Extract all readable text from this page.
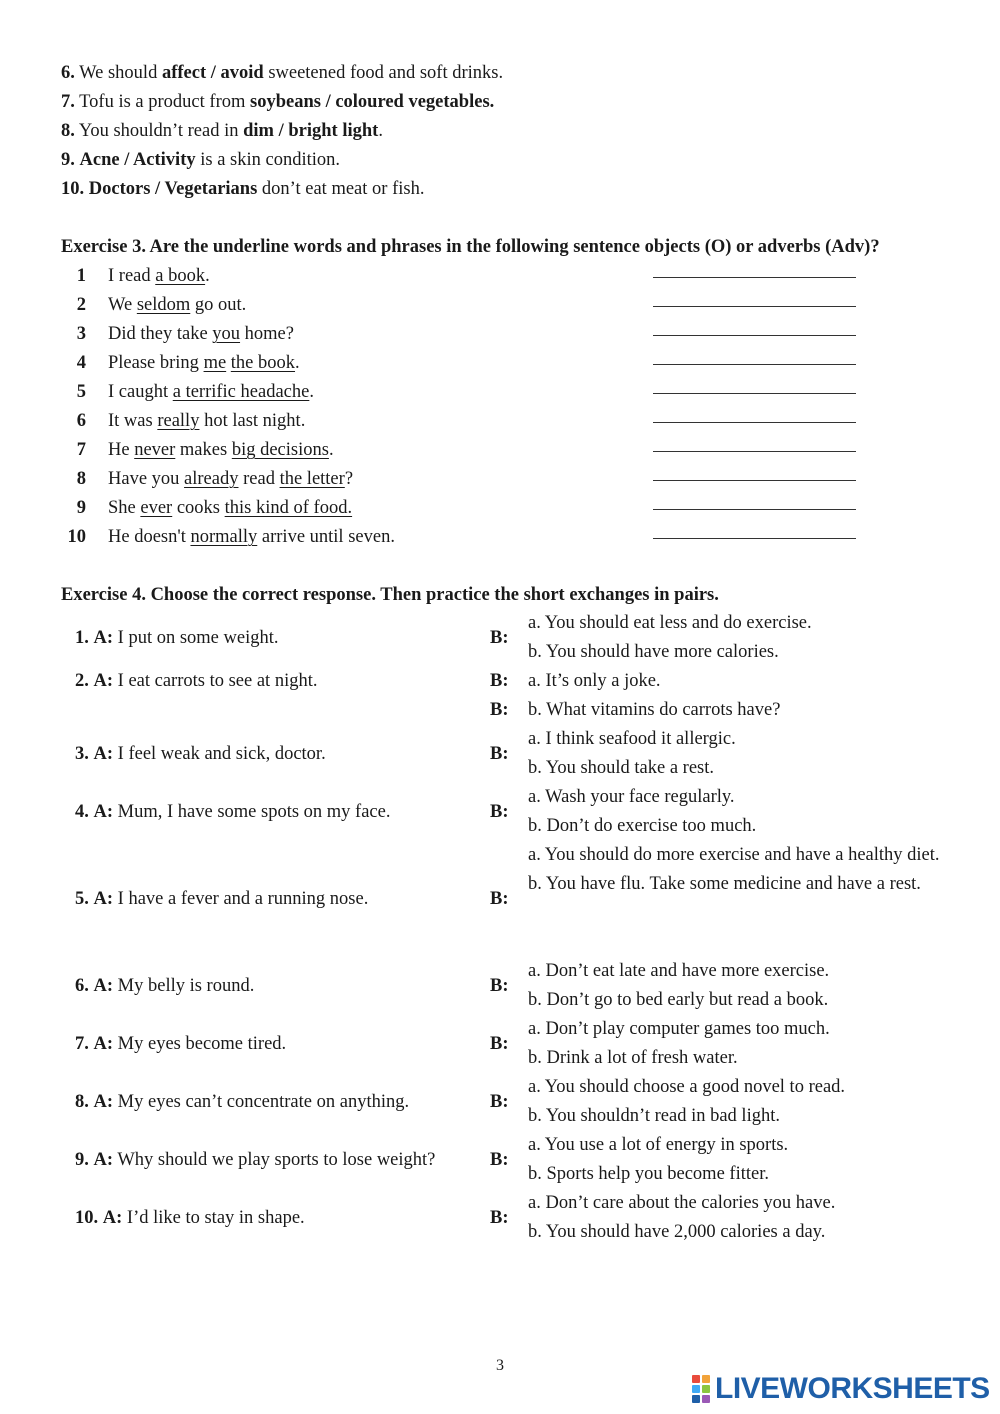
6. We should affect / avoid sweetened food and soft drinks.
7. Tofu is a product from soybeans / coloured vegetables.
8. You shouldn’t read in dim / bright light.
9. Acne / Activity is a skin condition.
10. Doctors / Vegetarians don’t eat meat or fish.
Exercise 3. Are the underline words and phrases in the following sentence objects (O) or adverbs (Adv)?
1 I read a book.
2 We seldom go out.
3 Did they take you home?
4 Please bring me the book.
5 I caught a terrific headache.
6 It was really hot last night.
7 He never makes big decisions.
8 Have you already read the letter?
9 She ever cooks this kind of food.
10 He doesn't normally arrive until seven.
Exercise 4. Choose the correct response. Then practice the short exchanges in pairs.
1. A: I put on some weight.	B:
a. You should eat less and do exercise.
b. You should have more calories.
2. A: I eat carrots to see at night.	B:
B:
a. It’s only a joke.
b. What vitamins do carrots have?
3. A: I feel weak and sick, doctor.	B:
a. I think seafood it allergic.
b. You should take a rest.
4. A: Mum, I have some spots on my face.	B:
a. Wash your face regularly.
b. Don’t do exercise too much.
5. A: I have a fever and a running nose.	B:
a. You should do more exercise and have a healthy diet.
b. You have flu. Take some medicine and have a rest.
6. A: My belly is round.	B:
a. Don’t eat late and have more exercise.
b. Don’t go to bed early but read a book.
7. A: My eyes become tired.	B:
a. Don’t play computer games too much.
b. Drink a lot of fresh water.
8. A: My eyes can’t concentrate on anything.	B:
a. You should choose a good novel to read.
b. You shouldn’t read in bad light.
9. A: Why should we play sports to lose weight?	B:
a. You use a lot of energy in sports.
b. Sports help you become fitter.
10. A: I’d like to stay in shape.	B:
a. Don’t care about the calories you have.
b. You should have 2,000 calories a day.
3
LIVEWORKSHEETS
